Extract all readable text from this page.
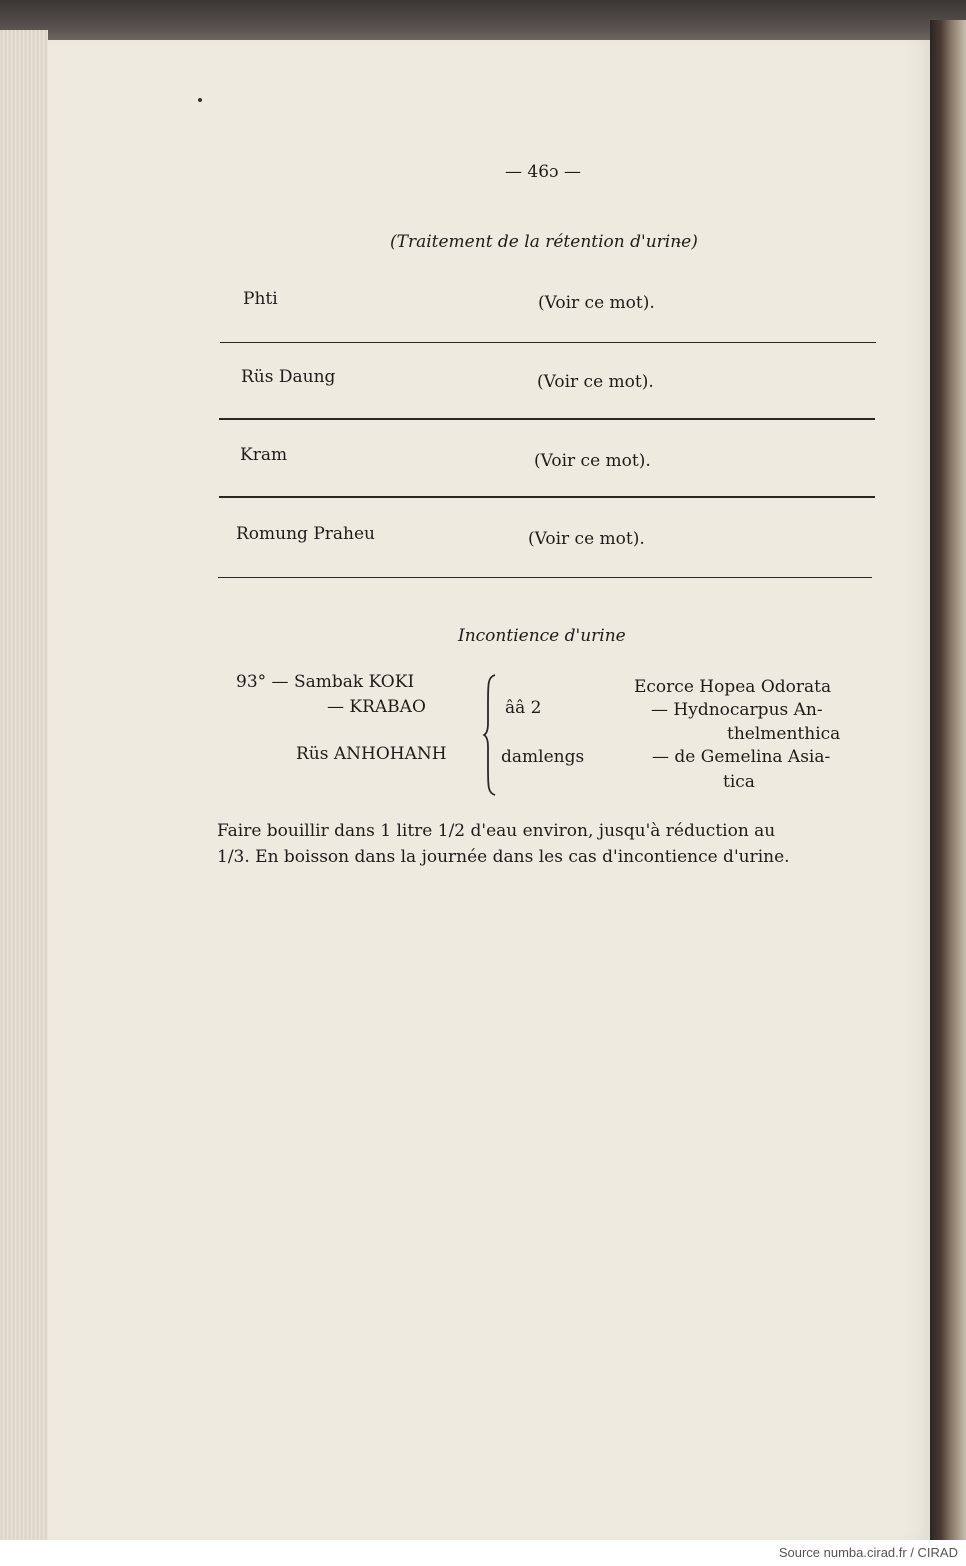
— 46ɔ —
(Traitement de la rétention d'urin̵e)
Phti	(Voir ce mot).
Rüs Daung	(Voir ce mot).
Kram	(Voir ce mot).
Romung Praheu	(Voir ce mot).
Incontience d'urine
93° — Sambak KOKI
— KRABAO
Rüs ANHOHANH
ââ 2
damlengs
Ecorce Hopea Odorata
— Hydnocarpus An-
thelmenthica
— de Gemelina Asia-
tica
Faire bouillir dans 1 litre 1/2 d'eau environ, jusqu'à réduction au
1/3. En boisson dans la journée dans les cas d'incontience d'urine.
Source numba.cirad.fr / CIRAD
